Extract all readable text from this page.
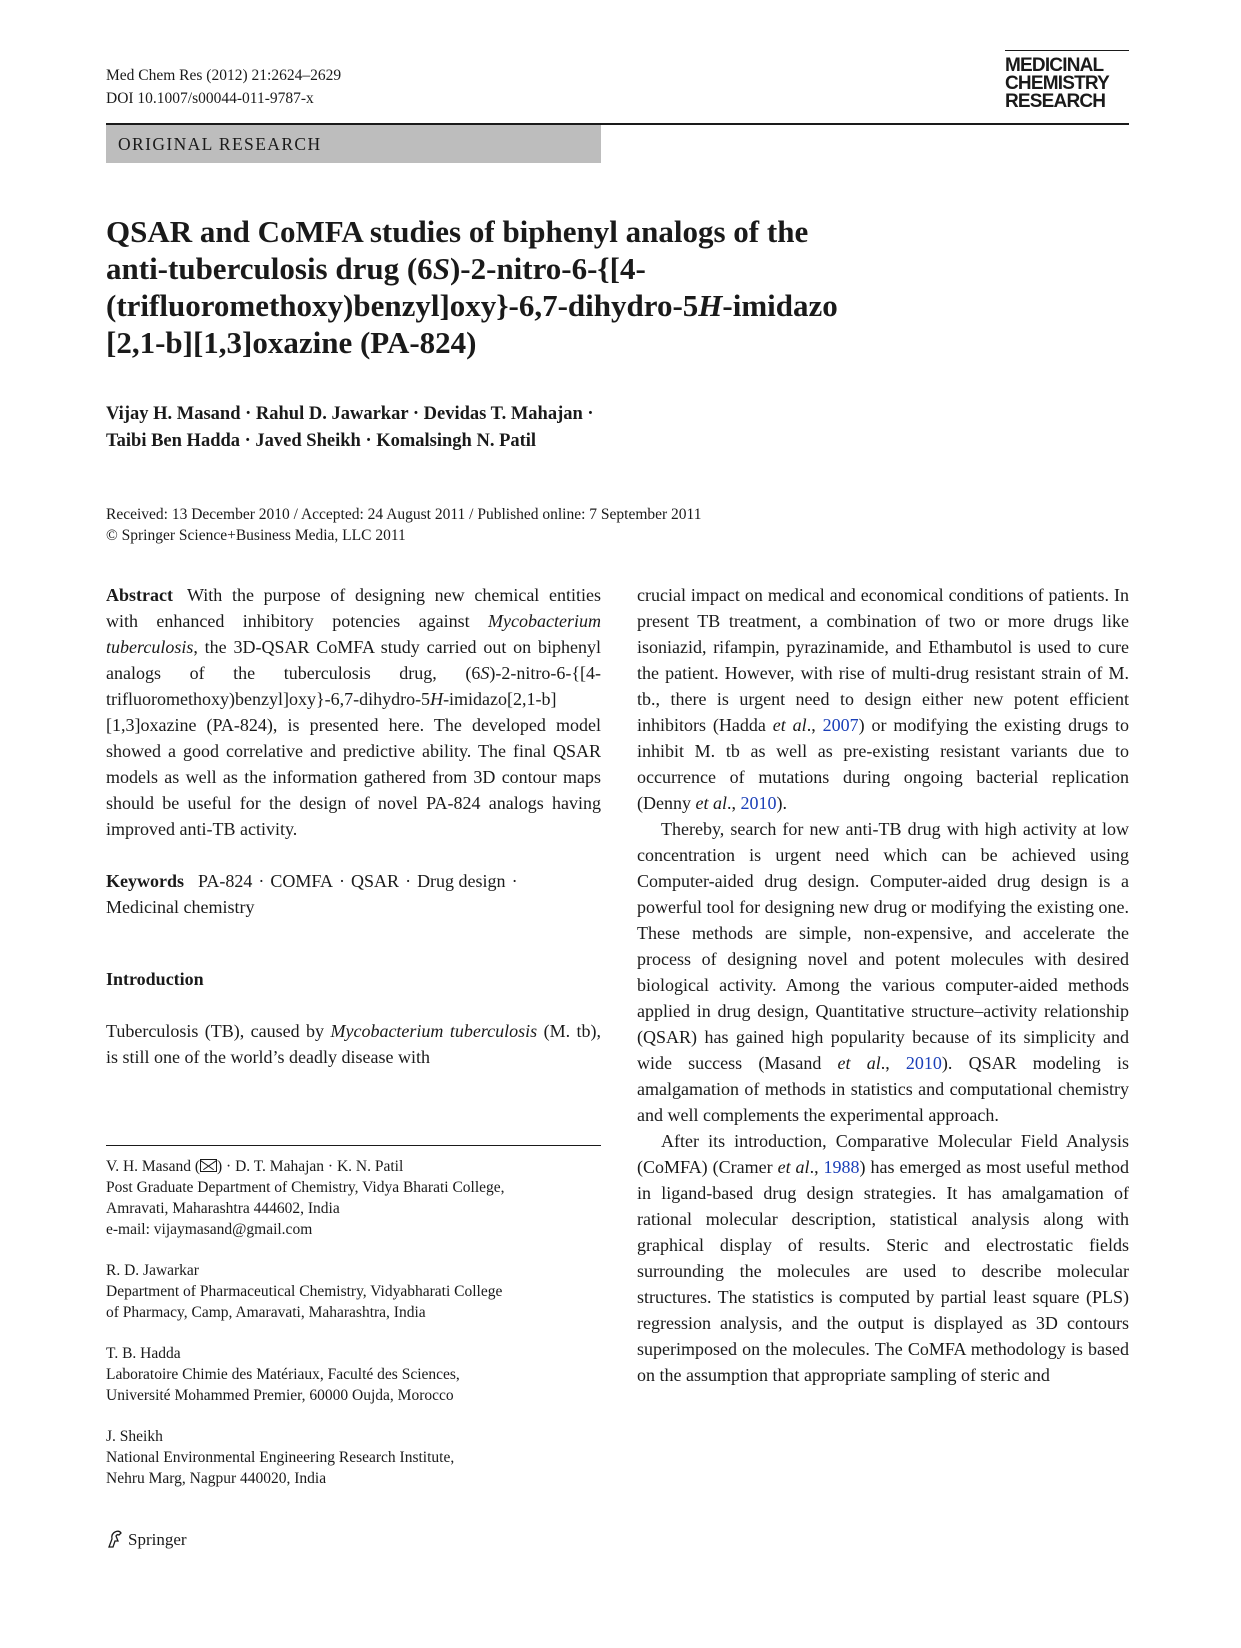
Med Chem Res (2012) 21:2624–2629
DOI 10.1007/s00044-011-9787-x
MEDICINAL
CHEMISTRY
RESEARCH
ORIGINAL RESEARCH
QSAR and CoMFA studies of biphenyl analogs of the
anti-tuberculosis drug (6S)-2-nitro-6-{[4-
(trifluoromethoxy)benzyl]oxy}-6,7-dihydro-5H-imidazo
[2,1-b][1,3]oxazine (PA-824)
Vijay H. Masand · Rahul D. Jawarkar · Devidas T. Mahajan ·
Taibi Ben Hadda · Javed Sheikh · Komalsingh N. Patil
Received: 13 December 2010 / Accepted: 24 August 2011 / Published online: 7 September 2011
© Springer Science+Business Media, LLC 2011

Abstract With the purpose of designing new chemical entities with enhanced inhibitory potencies against Mycobacterium tuberculosis, the 3D-QSAR CoMFA study carried out on biphenyl analogs of the tuberculosis drug, (6S)-2-nitro-6-{[4-trifluoromethoxy)benzyl]oxy}-6,7-dihydro-5H-imidazo[2,1-b][1,3]oxazine (PA-824), is presented here. The developed model showed a good correlative and predictive ability. The final QSAR models as well as the information gathered from 3D contour maps should be useful for the design of novel PA-824 analogs having improved anti-TB activity.

Keywords PA-824 · COMFA · QSAR · Drug design ·
Medicinal chemistry

Introduction

Tuberculosis (TB), caused by Mycobacterium tuberculosis (M. tb), is still one of the world’s deadly disease with

V. H. Masand ( ) · D. T. Mahajan · K. N. Patil
Post Graduate Department of Chemistry, Vidya Bharati College,
Amravati, Maharashtra 444602, India
e-mail: vijaymasand@gmail.com
R. D. Jawarkar
Department of Pharmaceutical Chemistry, Vidyabharati College
of Pharmacy, Camp, Amaravati, Maharashtra, India
T. B. Hadda
Laboratoire Chimie des Matériaux, Faculté des Sciences,
Université Mohammed Premier, 60000 Oujda, Morocco
J. Sheikh
National Environmental Engineering Research Institute,
Nehru Marg, Nagpur 440020, India

crucial impact on medical and economical conditions of patients. In present TB treatment, a combination of two or more drugs like isoniazid, rifampin, pyrazinamide, and Ethambutol is used to cure the patient. However, with rise of multi-drug resistant strain of M. tb., there is urgent need to design either new potent efficient inhibitors (Hadda et al., 2007) or modifying the existing drugs to inhibit M. tb as well as pre-existing resistant variants due to occurrence of mutations during ongoing bacterial replication (Denny et al., 2010).

Thereby, search for new anti-TB drug with high activity at low concentration is urgent need which can be achieved using Computer-aided drug design. Computer-aided drug design is a powerful tool for designing new drug or modifying the existing one. These methods are simple, non-expensive, and accelerate the process of designing novel and potent molecules with desired biological activity. Among the various computer-aided methods applied in drug design, Quantitative structure–activity relationship (QSAR) has gained high popularity because of its simplicity and wide success (Masand et al., 2010). QSAR modeling is amalgamation of methods in statistics and computational chemistry and well complements the experimental approach.

After its introduction, Comparative Molecular Field Analysis (CoMFA) (Cramer et al., 1988) has emerged as most useful method in ligand-based drug design strategies. It has amalgamation of rational molecular description, statistical analysis along with graphical display of results. Steric and electrostatic fields surrounding the molecules are used to describe molecular structures. The statistics is computed by partial least square (PLS) regression analysis, and the output is displayed as 3D contours superimposed on the molecules. The CoMFA methodology is based on the assumption that appropriate sampling of steric and

Springer
